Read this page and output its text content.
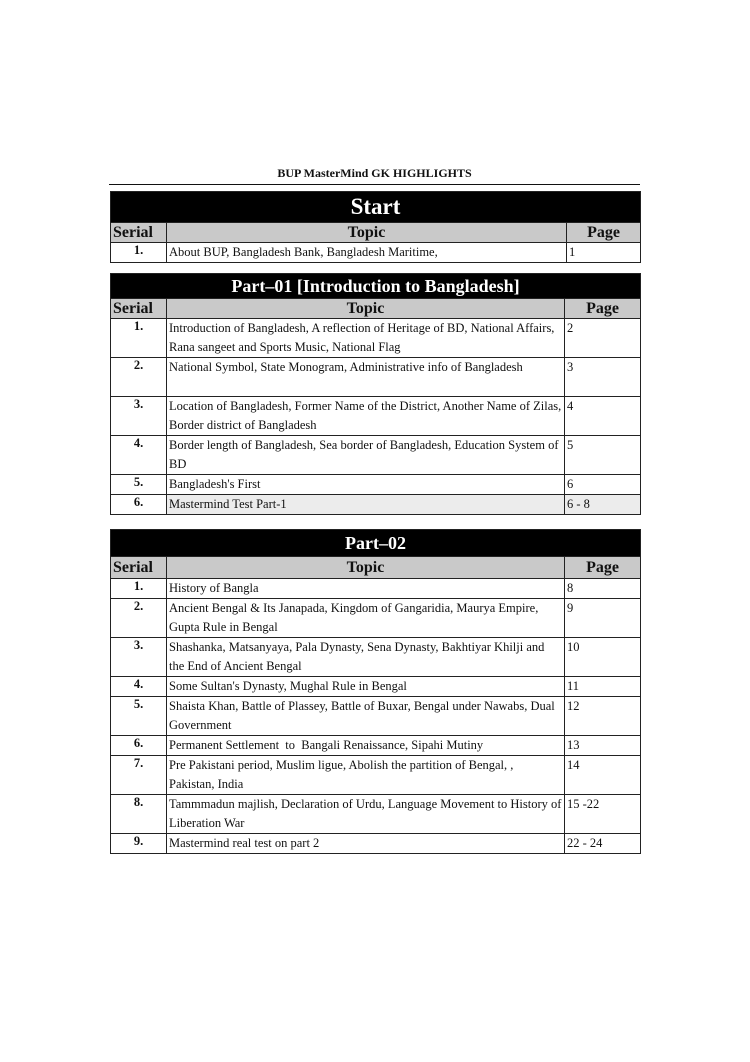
BUP MasterMind GK HIGHLIGHTS
Start		
Serial	Topic	Page
1.	About BUP, Bangladesh Bank, Bangladesh Maritime,	1
Part–01 [Introduction to Bangladesh]		
Serial	Topic	Page
1.	Introduction of Bangladesh, A reflection of Heritage of BD, National Affairs, Rana sangeet and Sports Music, National Flag	2
2.	National Symbol, State Monogram, Administrative info of Bangladesh	3
3.	Location of Bangladesh, Former Name of the District, Another Name of Zilas, Border district of Bangladesh	4
4.	Border length of Bangladesh, Sea border of Bangladesh, Education System of BD	5
5.	Bangladesh's First	6
6.	Mastermind Test Part-1	6 - 8
Part–02		
Serial	Topic	Page
1.	History of Bangla	8
2.	Ancient Bengal & Its Janapada, Kingdom of Gangaridia, Maurya Empire, Gupta Rule in Bengal	9
3.	Shashanka, Matsanyaya, Pala Dynasty, Sena Dynasty, Bakhtiyar Khilji and the End of Ancient Bengal	10
4.	Some Sultan's Dynasty, Mughal Rule in Bengal	11
5.	Shaista Khan, Battle of Plassey, Battle of Buxar, Bengal under Nawabs, Dual Government	12
6.	Permanent Settlement  to  Bangali Renaissance, Sipahi Mutiny	13
7.	Pre Pakistani period, Muslim ligue, Abolish the partition of Bengal, , Pakistan, India	14
8.	Tammmadun majlish, Declaration of Urdu, Language Movement to History of Liberation War	15 -22
9.	Mastermind real test on part 2	22 - 24
